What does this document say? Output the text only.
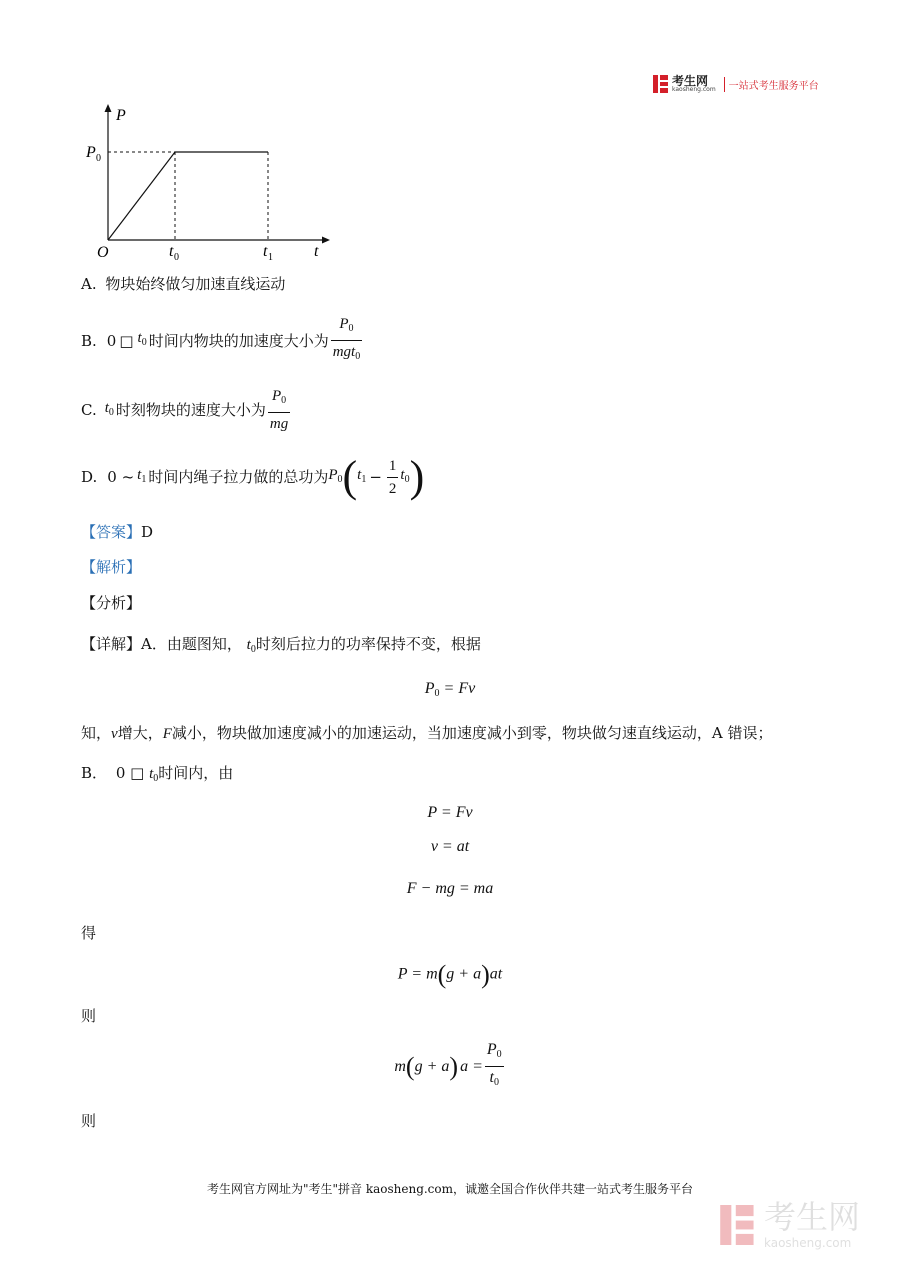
考生网
kaosheng.com	一站式考生服务平台
P
t
O
P 0
t 0	t 1
A. 物块始终做匀加速直线运动
B. 0 □ $t_0$ 时间内物块的加速度大小为 $\frac{P_0}{mgt_0}$
C. $t_0$ 时刻物块的速度大小为 $\frac{P_0}{mg}$
D. 0 ~ $t_1$ 时间内绳子拉力做的总功为 $P_0$ ( $t_1 - \frac{1}{2} t_0$ )
【答案】D
【解析】
【分析】
【详解】A．由题图知， $t_0$时刻后拉力的功率保持不变，根据
$P_0 = Fv$
知，v增大，F减小，物块做加速度减小的加速运动，当加速度减小到零，物块做匀速直线运动，A 错误；
B． 0 □ $t_0$时间内，由
P = Fv
v = at
F − mg = ma
得
P = m(g + a)at
则
m ( g + a ) $a = \frac{P_0}{t_0}$
则
考生网官方网址为"考生"拼音 kaosheng.com，诚邀全国合作伙伴共建一站式考生服务平台
考生网
kaosheng.com
